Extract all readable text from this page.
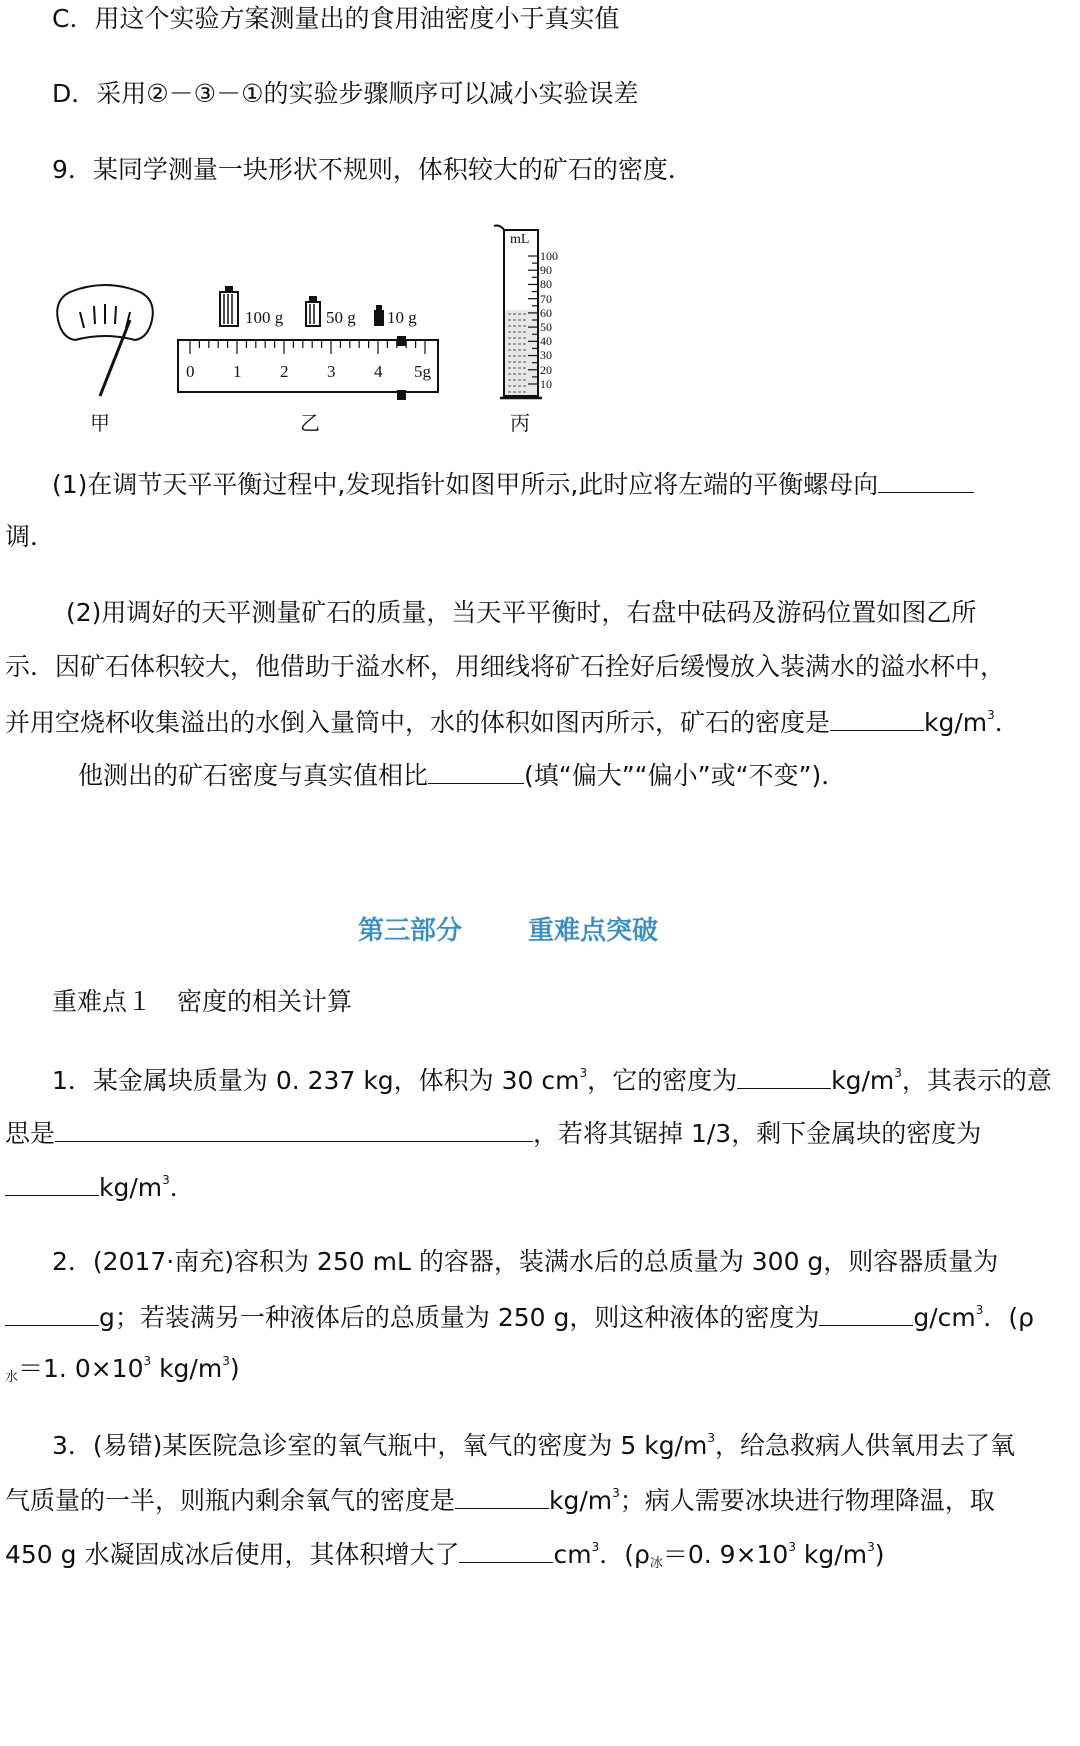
C．用这个实验方案测量出的食用油密度小于真实值
D．采用②－③－①的实验步骤顺序可以减小实验误差
9．某同学测量一块形状不规则，体积较大的矿石的密度．
甲
100 g	50 g 10 g
0 1 2 3 4 5g
乙
mL
100
90
80
70
60
50
40
30
20
10
丙
(1)在调节天平平衡过程中,发现指针如图甲所示,此时应将左端的平衡螺母向
调．
(2)用调好的天平测量矿石的质量，当天平平衡时，右盘中砝码及游码位置如图乙所
示．因矿石体积较大，他借助于溢水杯，用细线将矿石拴好后缓慢放入装满水的溢水杯中，
并用空烧杯收集溢出的水倒入量筒中，水的体积如图丙所示，矿石的密度是	$kg/m^3$．
他测出的矿石密度与真实值相比	(填“偏大”“偏小”或“不变”)．
第三部分	重难点突破
重难点１　密度的相关计算
1．某金属块质量为 0. 237 kg，体积为 30 $cm^3$，它的密度为	$kg/m^3$，其表示的意
思是	，若将其锯掉 1/3，剩下金属块的密度为
$kg/m^3$．
2．(2017·南充)容积为 250 mL 的容器，装满水后的总质量为 300 g，则容器质量为
g；若装满另一种液体后的总质量为 250 g，则这种液体的密度为	$g/cm^3$．(ρ
$_水$＝1. $0\times 10^3$ $kg/m^3$)
3．(易错)某医院急诊室的氧气瓶中，氧气的密度为 5 $kg/m^3$，给急救病人供氧用去了氧
气质量的一半，则瓶内剩余氧气的密度是	$kg/m^3$；病人需要冰块进行物理降温，取
450 g 水凝固成冰后使用，其体积增大了	$cm^3$．($\rho_冰=0$. $9\times 10^3$ $kg/m^3$)
